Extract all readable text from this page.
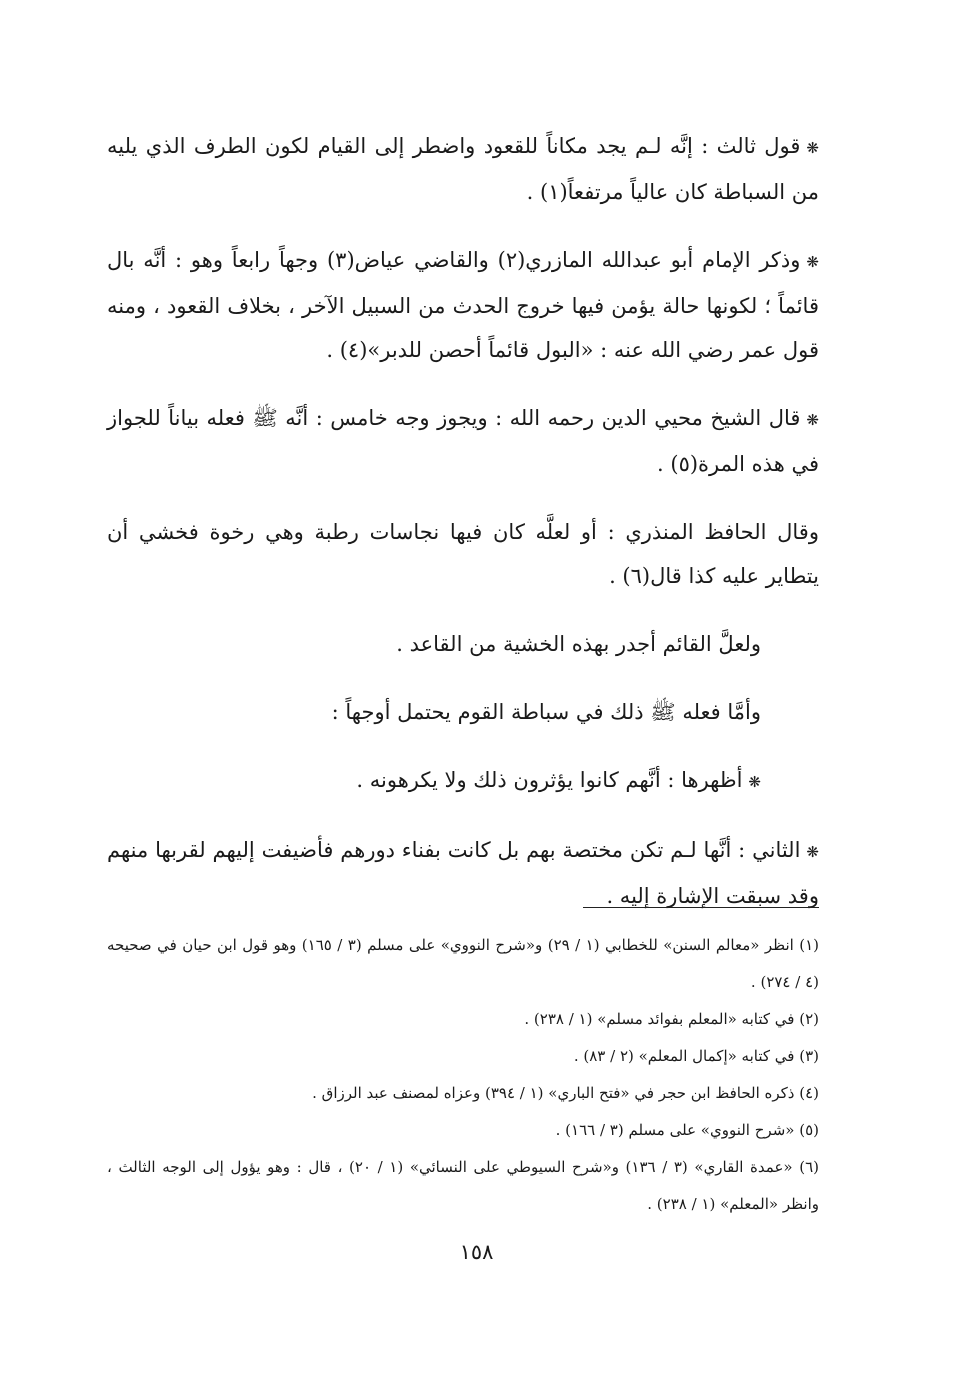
❋قول ثالث : إنَّه لـم يجد مكاناً للقعود واضطر إلى القيام لكون الطرف الذي يليه من السباطة كان عالياً مرتفعاً(١) .

❋وذكر الإمام أبو عبدالله المازري(٢) والقاضي عياض(٣) وجهاً رابعاً وهو : أنَّه بال قائماً ؛ لكونها حالة يؤمن فيها خروج الحدث من السبيل الآخر ، بخلاف القعود ، ومنه قول عمر رضي الله عنه : «البول قائماً أحصن للدبر»(٤) .

❋قال الشيخ محيي الدين رحمه الله : ويجوز وجه خامس : أنَّه ﷺ فعله بياناً للجواز في هذه المرة(٥) .

وقال الحافظ المنذري : أو لعلَّه كان فيها نجاسات رطبة وهي رخوة فخشي أن يتطاير عليه كذا قال(٦) .

ولعلَّ القائم أجدر بهذه الخشية من القاعد .

وأمَّا فعله ﷺ ذلك في سباطة القوم يحتمل أوجهاً :

❋أظهرها : أنَّهم كانوا يؤثرون ذلك ولا يكرهونه .

❋الثاني : أنَّها لـم تكن مختصة بهم بل كانت بفناء دورهم فأضيفت إليهم لقربها منهم وقد سبقت الإشارة إليه .

(١) انظر «معالم السنن» للخطابي (١ / ٢٩) و«شرح النووي» على مسلم (٣ / ١٦٥) وهو قول ابن حيان في صحيحه (٤ / ٢٧٤) .

(٢) في كتابه «المعلم بفوائد مسلم» (١ / ٢٣٨) .

(٣) في كتابه «إكمال المعلم» (٢ / ٨٣) .

(٤) ذكره الحافظ ابن حجر في «فتح الباري» (١ / ٣٩٤) وعزاه لمصنف عبد الرزاق .

(٥) «شرح النووي» على مسلم (٣ / ١٦٦) .

(٦) «عمدة القاري» (٣ / ١٣٦) و«شرح السيوطي على النسائي» (١ / ٢٠) ، قال : وهو يؤول إلى الوجه الثالث ، وانظر «المعلم» (١ / ٢٣٨) .

١٥٨
